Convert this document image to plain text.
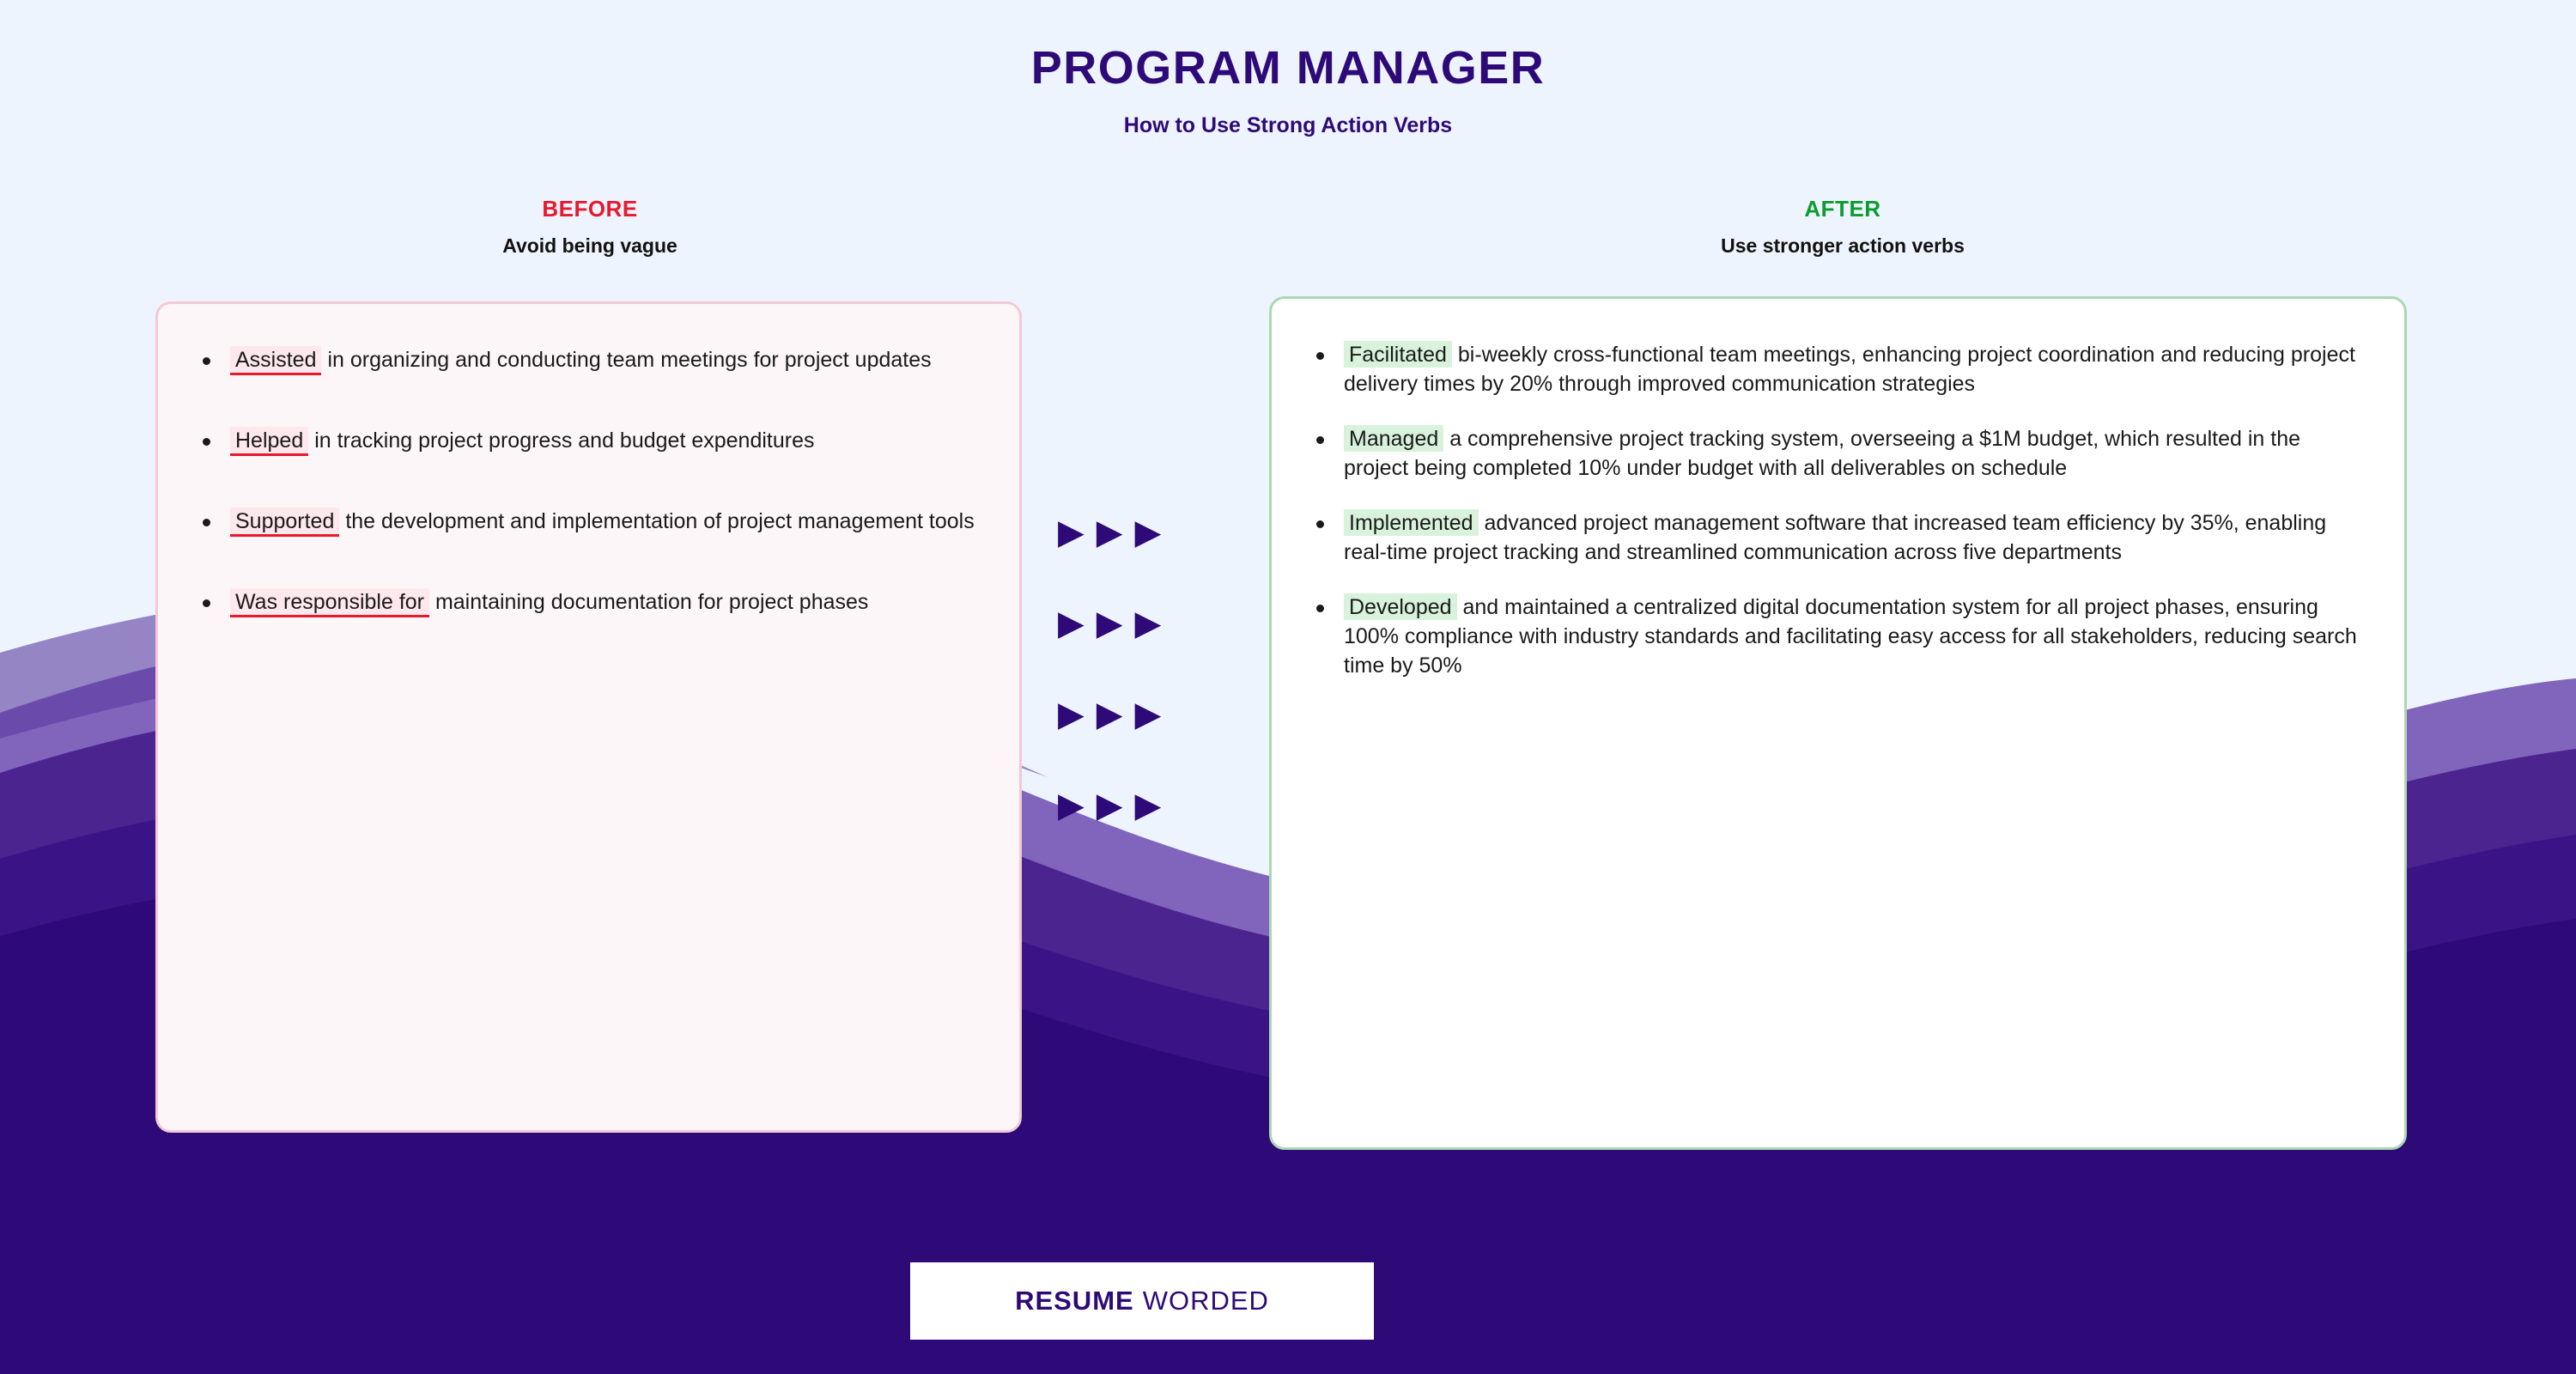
PROGRAM MANAGER

How to Use Strong Action Verbs

BEFORE

Avoid being vague

AFTER

Use stronger action verbs

Assisted in organizing and conducting team meetings for project updates
Helped in tracking project progress and budget expenditures
Supported the development and implementation of project management tools
Was responsible for maintaining documentation for project phases
▶ ▶ ▶
▶ ▶ ▶
▶ ▶ ▶
▶ ▶ ▶
Facilitated bi-weekly cross-functional team meetings, enhancing project coordination and reducing project delivery times by 20% through improved communication strategies
Managed a comprehensive project tracking system, overseeing a $1M budget, which resulted in the project being completed 10% under budget with all deliverables on schedule
Implemented advanced project management software that increased team efficiency by 35%, enabling real-time project tracking and streamlined communication across five departments
Developed and maintained a centralized digital documentation system for all project phases, ensuring 100% compliance with industry standards and facilitating easy access for all stakeholders, reducing search time by 50%
RESUME WORDED
